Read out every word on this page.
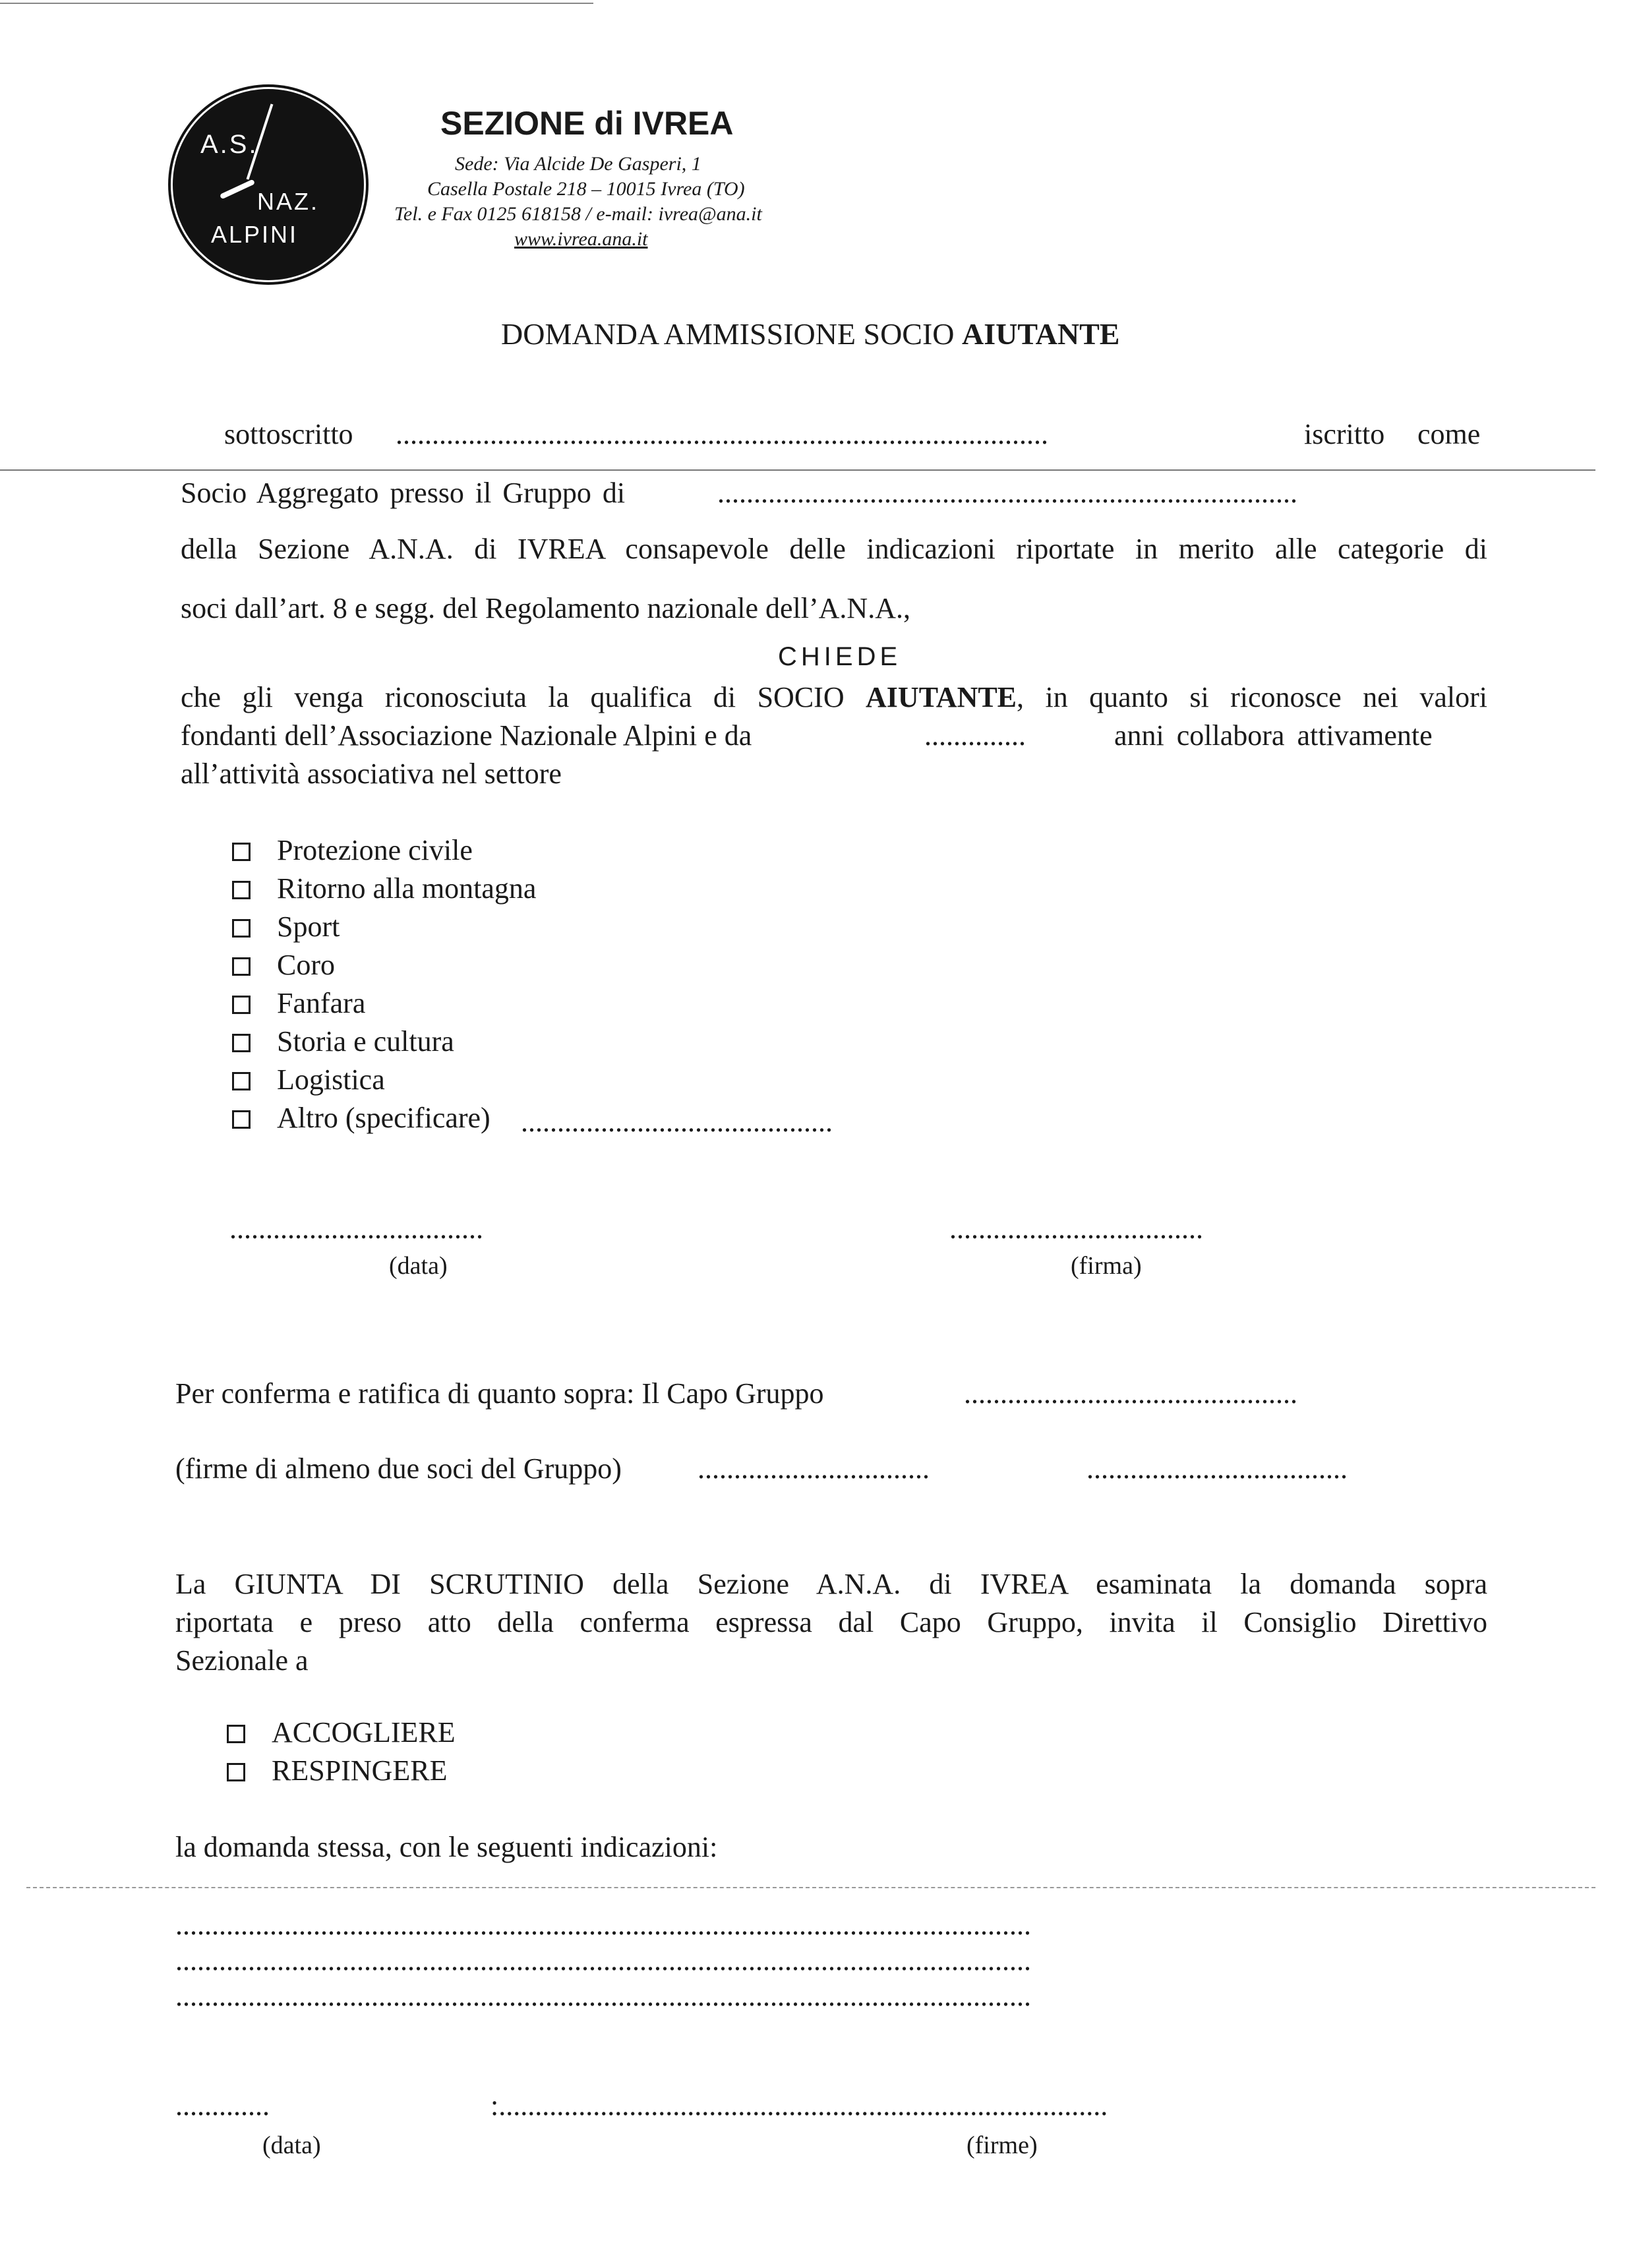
A.S.
NAZ.
ALPINI
SEZIONE di IVREA
Sede: Via Alcide De Gasperi, 1
Casella Postale 218 – 10015 Ivrea (TO)
Tel. e Fax 0125 618158 / e-mail: ivrea@ana.it
www.ivrea.ana.it
DOMANDA AMMISSIONE SOCIO AIUTANTE
sottoscritto ..........................................................................................	iscritto come
Socio Aggregato presso il Gruppo di	................................................................................
della Sezione A.N.A. di IVREA consapevole delle indicazioni riportate in merito alle categorie di
soci dall’art. 8 e segg. del Regolamento nazionale dell’A.N.A.,
CHIEDE
che gli venga riconosciuta la qualifica di SOCIO AIUTANTE, in quanto si riconosce nei valori
fondanti dell’Associazione Nazionale Alpini e da	..............	anni collabora attivamente
all’attività associativa nel settore
Protezione civile
Ritorno alla montagna
Sport
Coro
Fanfara
Storia e cultura
Logistica
Altro (specificare) ...........................................
...................................
(data)
...................................
(firma)
Per conferma e ratifica di quanto sopra: Il Capo Gruppo	..............................................
(firme di almeno due soci del Gruppo)	................................	....................................
La GIUNTA DI SCRUTINIO della Sezione A.N.A. di IVREA esaminata la domanda sopra
riportata e preso atto della conferma espressa dal Capo Gruppo, invita il Consiglio Direttivo
Sezionale a
ACCOGLIERE
RESPINGERE
la domanda stessa, con le seguenti indicazioni:
......................................................................................................................
......................................................................................................................
......................................................................................................................
.............
(data)
:....................................................................................
(firme)
